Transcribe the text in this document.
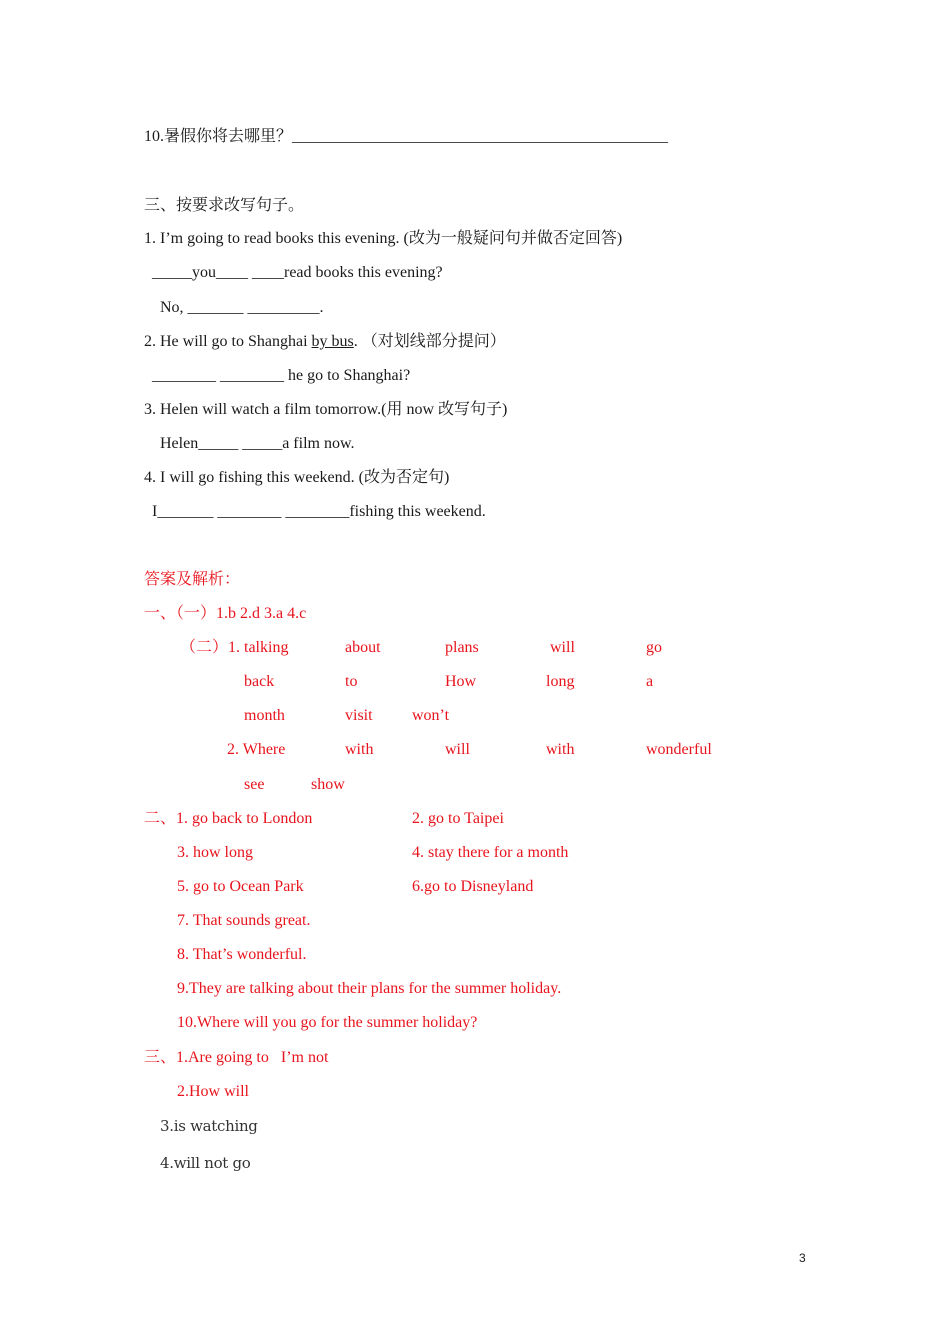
10.暑假你将去哪里？_______________________________________________
三、按要求改写句子。
1. I’m going to read books this evening. (改为一般疑问句并做否定回答)
_____you____ ____read books this evening?
No, _______ _________.
2. He will go to Shanghai by bus. （对划线部分提问）
________ ________ he go to Shanghai?
3. Helen will watch a film tomorrow.(用 now 改写句子)
Helen_____ _____a film now.
4. I will go fishing this weekend. (改为否定句)
I_______ ________ ________fishing this weekend.
答案及解析：
一、（一）1.b 2.d 3.a 4.c
（二）1. talking	about	plans	will	go
back	to	How	long	a
month	visit won’t
2. Where	with	will	with	wonderful
see	show
二、1. go back to London	2. go to Taipei
3. how long	4. stay there for a month
5. go to Ocean Park	6.go to Disneyland
7. That sounds great.
8. That’s wonderful.
9.They are talking about their plans for the summer holiday.
10.Where will you go for the summer holiday?
三、1.Are going to   I’m not
2.How will
3.is watching
4.will not go
3
